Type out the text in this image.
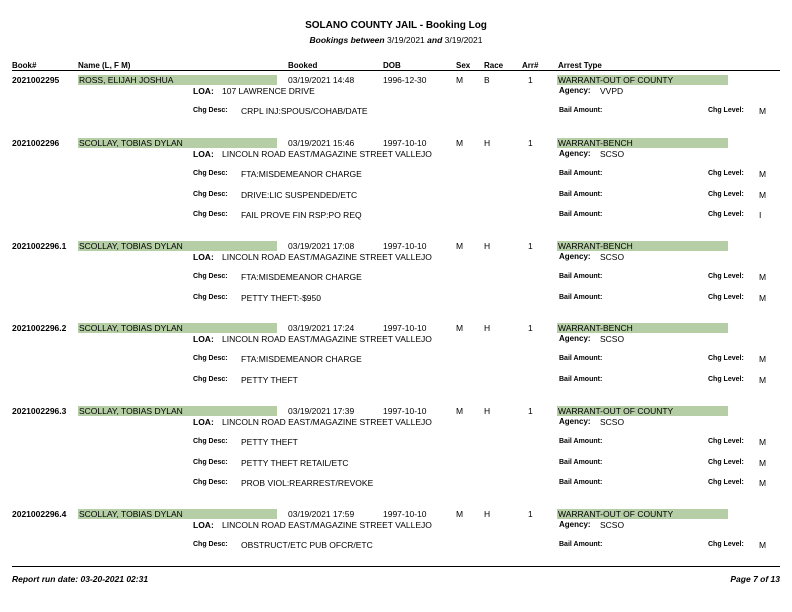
SOLANO COUNTY JAIL - Booking Log
Bookings between 3/19/2021 and 3/19/2021
Book#	Name (L, F M)	Booked	DOB	Sex Race Arr# Arrest Type
2021002295 ROSS, ELIJAH JOSHUA	03/19/2021 14:48	1996-12-30	M B	1	WARRANT-OUT OF COUNTY
LOA: 107 LAWRENCE DRIVE	Agency: VVPD
Chg Desc: CRPL INJ:SPOUS/COHAB/DATE	Bail Amount:	Chg Level: M
2021002296 SCOLLAY, TOBIAS DYLAN	03/19/2021 15:46	1997-10-10	M H	1	WARRANT-BENCH
LOA: LINCOLN ROAD EAST/MAGAZINE STREET VALLEJO	Agency: SCSO
Chg Desc: FTA:MISDEMEANOR CHARGE	Bail Amount:	Chg Level: M
Chg Desc: DRIVE:LIC SUSPENDED/ETC	Bail Amount:	Chg Level: M
Chg Desc: FAIL PROVE FIN RSP:PO REQ	Bail Amount:	Chg Level: I
2021002296.1 SCOLLAY, TOBIAS DYLAN	03/19/2021 17:08	1997-10-10	M H	1	WARRANT-BENCH
LOA: LINCOLN ROAD EAST/MAGAZINE STREET VALLEJO	Agency: SCSO
Chg Desc: FTA:MISDEMEANOR CHARGE	Bail Amount:	Chg Level: M
Chg Desc: PETTY THEFT:-$950	Bail Amount:	Chg Level: M
2021002296.2 SCOLLAY, TOBIAS DYLAN	03/19/2021 17:24	1997-10-10	M H	1	WARRANT-BENCH
LOA: LINCOLN ROAD EAST/MAGAZINE STREET VALLEJO	Agency: SCSO
Chg Desc: FTA:MISDEMEANOR CHARGE	Bail Amount:	Chg Level: M
Chg Desc: PETTY THEFT	Bail Amount:	Chg Level: M
2021002296.3 SCOLLAY, TOBIAS DYLAN	03/19/2021 17:39	1997-10-10	M H	1	WARRANT-OUT OF COUNTY
LOA: LINCOLN ROAD EAST/MAGAZINE STREET VALLEJO	Agency: SCSO
Chg Desc: PETTY THEFT	Bail Amount:	Chg Level: M
Chg Desc: PETTY THEFT RETAIL/ETC	Bail Amount:	Chg Level: M
Chg Desc: PROB VIOL:REARREST/REVOKE	Bail Amount:	Chg Level: M
2021002296.4 SCOLLAY, TOBIAS DYLAN	03/19/2021 17:59	1997-10-10	M H	1	WARRANT-OUT OF COUNTY
LOA: LINCOLN ROAD EAST/MAGAZINE STREET VALLEJO	Agency: SCSO
Chg Desc: OBSTRUCT/ETC PUB OFCR/ETC	Bail Amount:	Chg Level: M
Report run date: 03-20-2021 02:31	Page 7 of 13
